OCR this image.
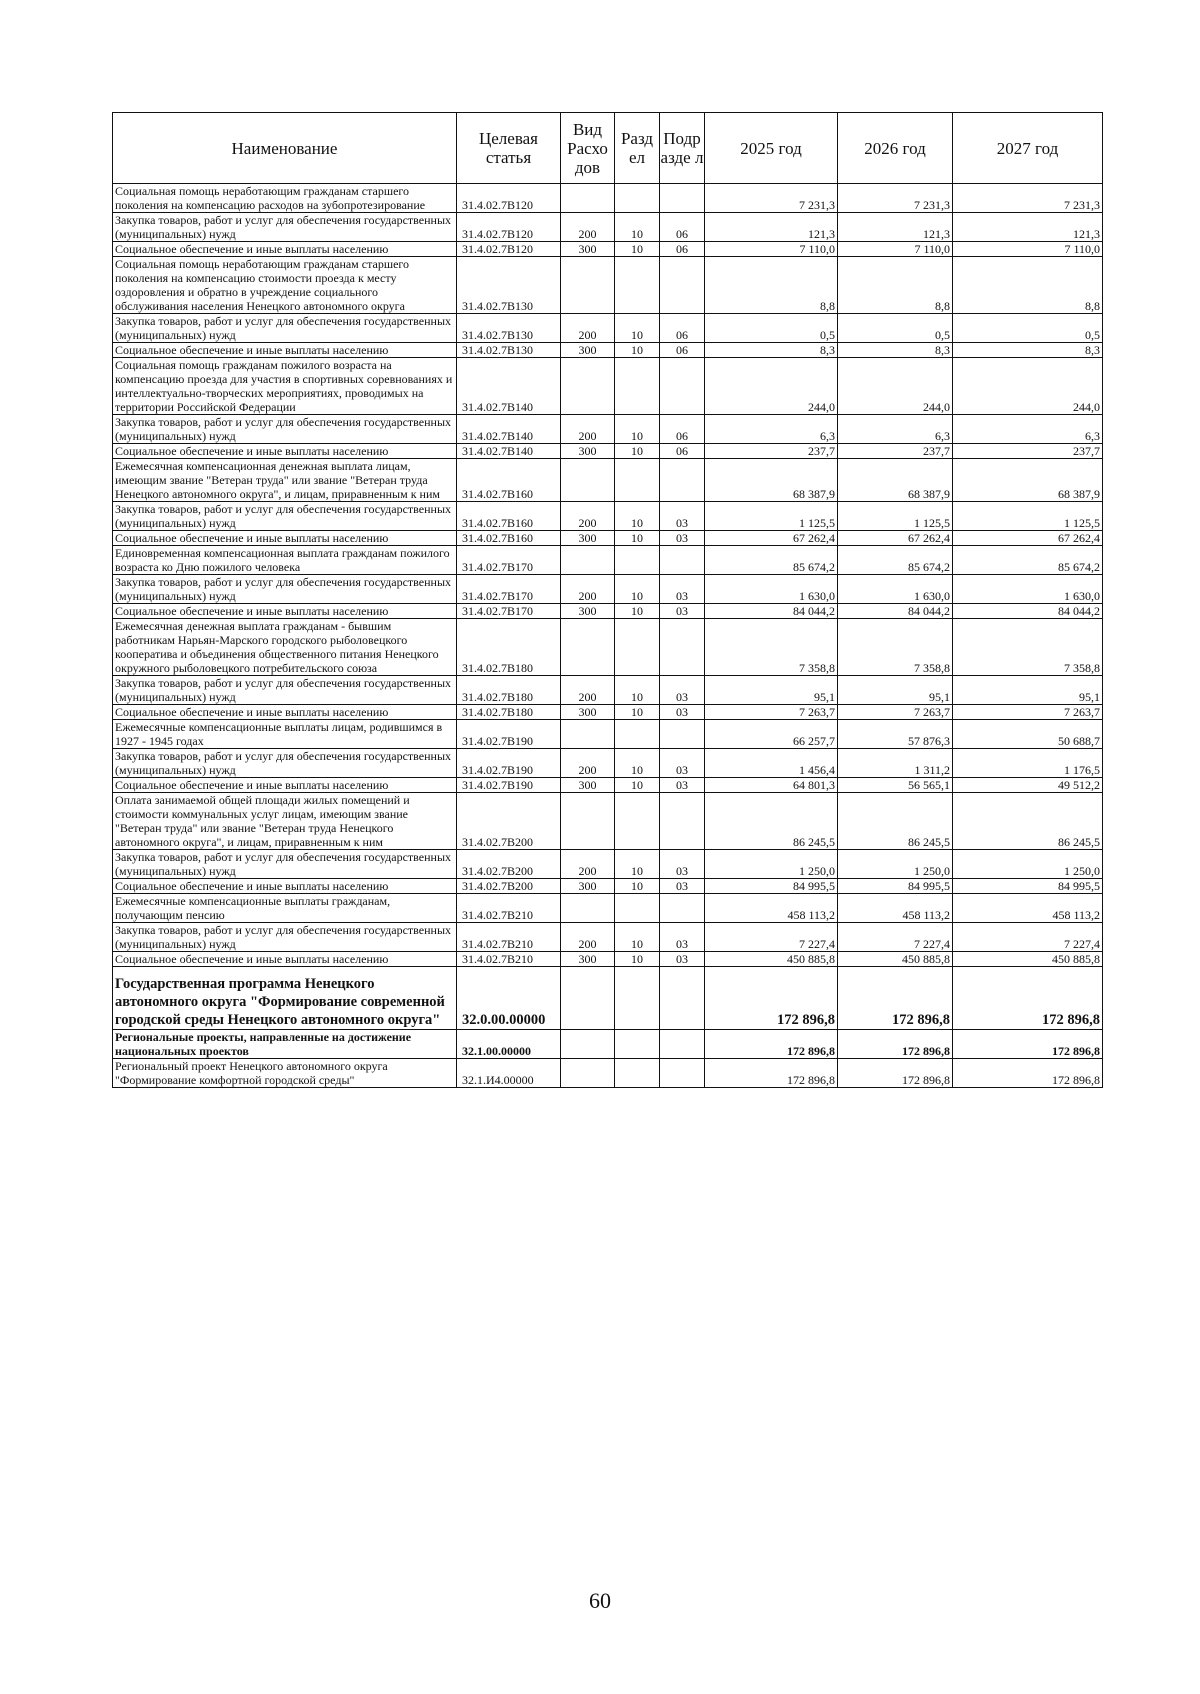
Наименование	Целевая статья	Вид Расхо дов	Разд ел	Подр азде л	2025 год	2026 год	2027 год
Социальная помощь неработающим гражданам старшего поколения на компенсацию расходов на зубопротезирование	31.4.02.7В120				7 231,3	7 231,3	7 231,3
Закупка товаров, работ и услуг для обеспечения государственных (муниципальных) нужд	31.4.02.7В120	200	10	06	121,3	121,3	121,3
Социальное обеспечение и иные выплаты населению	31.4.02.7В120	300	10	06	7 110,0	7 110,0	7 110,0
Социальная помощь неработающим гражданам старшего поколения на компенсацию стоимости проезда к месту оздоровления и обратно в учреждение социального обслуживания населения Ненецкого автономного округа	31.4.02.7В130				8,8	8,8	8,8
Закупка товаров, работ и услуг для обеспечения государственных (муниципальных) нужд	31.4.02.7В130	200	10	06	0,5	0,5	0,5
Социальное обеспечение и иные выплаты населению	31.4.02.7В130	300	10	06	8,3	8,3	8,3
Социальная помощь гражданам пожилого возраста на компенсацию проезда для участия в спортивных соревнованиях и интеллектуально-творческих мероприятиях, проводимых на территории Российской Федерации	31.4.02.7В140				244,0	244,0	244,0
Закупка товаров, работ и услуг для обеспечения государственных (муниципальных) нужд	31.4.02.7В140	200	10	06	6,3	6,3	6,3
Социальное обеспечение и иные выплаты населению	31.4.02.7В140	300	10	06	237,7	237,7	237,7
Ежемесячная компенсационная денежная выплата лицам, имеющим звание "Ветеран труда" или звание "Ветеран труда Ненецкого автономного округа", и лицам, приравненным к ним	31.4.02.7В160				68 387,9	68 387,9	68 387,9
Закупка товаров, работ и услуг для обеспечения государственных (муниципальных) нужд	31.4.02.7В160	200	10	03	1 125,5	1 125,5	1 125,5
Социальное обеспечение и иные выплаты населению	31.4.02.7В160	300	10	03	67 262,4	67 262,4	67 262,4
Единовременная компенсационная выплата гражданам пожилого возраста ко Дню пожилого человека	31.4.02.7В170				85 674,2	85 674,2	85 674,2
Закупка товаров, работ и услуг для обеспечения государственных (муниципальных) нужд	31.4.02.7В170	200	10	03	1 630,0	1 630,0	1 630,0
Социальное обеспечение и иные выплаты населению	31.4.02.7В170	300	10	03	84 044,2	84 044,2	84 044,2
Ежемесячная денежная выплата гражданам - бывшим работникам Нарьян-Марского городского рыболовецкого кооператива и объединения общественного питания Ненецкого окружного рыболовецкого потребительского союза	31.4.02.7В180				7 358,8	7 358,8	7 358,8
Закупка товаров, работ и услуг для обеспечения государственных (муниципальных) нужд	31.4.02.7В180	200	10	03	95,1	95,1	95,1
Социальное обеспечение и иные выплаты населению	31.4.02.7В180	300	10	03	7 263,7	7 263,7	7 263,7
Ежемесячные компенсационные выплаты лицам, родившимся в 1927 - 1945 годах	31.4.02.7В190				66 257,7	57 876,3	50 688,7
Закупка товаров, работ и услуг для обеспечения государственных (муниципальных) нужд	31.4.02.7В190	200	10	03	1 456,4	1 311,2	1 176,5
Социальное обеспечение и иные выплаты населению	31.4.02.7В190	300	10	03	64 801,3	56 565,1	49 512,2
Оплата занимаемой общей площади жилых помещений и стоимости коммунальных услуг лицам, имеющим звание "Ветеран труда" или звание "Ветеран труда Ненецкого автономного округа", и лицам, приравненным к ним	31.4.02.7В200				86 245,5	86 245,5	86 245,5
Закупка товаров, работ и услуг для обеспечения государственных (муниципальных) нужд	31.4.02.7В200	200	10	03	1 250,0	1 250,0	1 250,0
Социальное обеспечение и иные выплаты населению	31.4.02.7В200	300	10	03	84 995,5	84 995,5	84 995,5
Ежемесячные компенсационные выплаты гражданам, получающим пенсию	31.4.02.7В210				458 113,2	458 113,2	458 113,2
Закупка товаров, работ и услуг для обеспечения государственных (муниципальных) нужд	31.4.02.7В210	200	10	03	7 227,4	7 227,4	7 227,4
Социальное обеспечение и иные выплаты населению	31.4.02.7В210	300	10	03	450 885,8	450 885,8	450 885,8
Государственная программа Ненецкого автономного округа "Формирование современной городской среды Ненецкого автономного округа"	32.0.00.00000				172 896,8	172 896,8	172 896,8
Региональные проекты, направленные на достижение национальных проектов	32.1.00.00000				172 896,8	172 896,8	172 896,8
Региональный проект Ненецкого автономного округа "Формирование комфортной городской среды"	32.1.И4.00000				172 896,8	172 896,8	172 896,8
60
